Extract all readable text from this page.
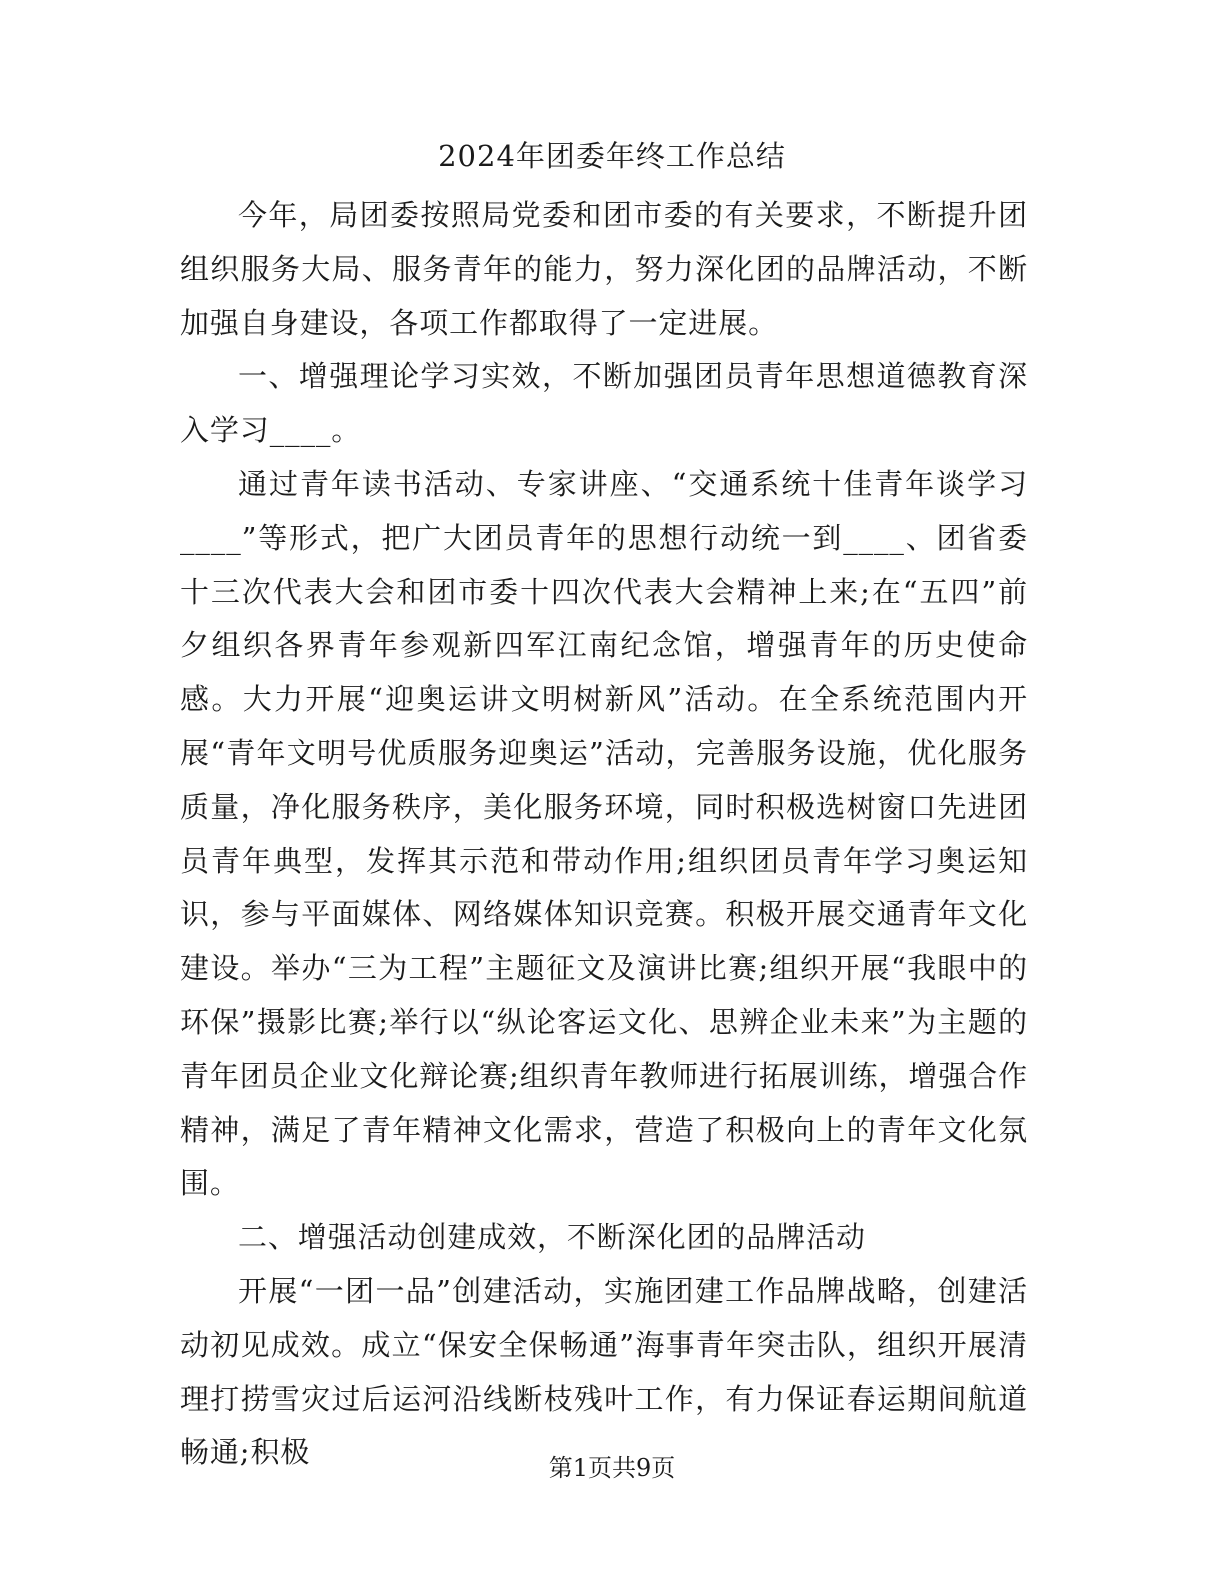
2024年团委年终工作总结

今年，局团委按照局党委和团市委的有关要求，不断提升团组织服务大局、服务青年的能力，努力深化团的品牌活动，不断加强自身建设，各项工作都取得了一定进展。

一、增强理论学习实效，不断加强团员青年思想道德教育深入学习____。

通过青年读书活动、专家讲座、“交通系统十佳青年谈学习____”等形式，把广大团员青年的思想行动统一到____、团省委十三次代表大会和团市委十四次代表大会精神上来;在“五四”前夕组织各界青年参观新四军江南纪念馆，增强青年的历史使命感。大力开展“迎奥运讲文明树新风”活动。在全系统范围内开展“青年文明号优质服务迎奥运”活动，完善服务设施，优化服务质量，净化服务秩序，美化服务环境，同时积极选树窗口先进团员青年典型，发挥其示范和带动作用;组织团员青年学习奥运知识，参与平面媒体、网络媒体知识竞赛。积极开展交通青年文化建设。举办“三为工程”主题征文及演讲比赛;组织开展“我眼中的环保”摄影比赛;举行以“纵论客运文化、思辨企业未来”为主题的青年团员企业文化辩论赛;组织青年教师进行拓展训练，增强合作精神，满足了青年精神文化需求，营造了积极向上的青年文化氛围。

二、增强活动创建成效，不断深化团的品牌活动

开展“一团一品”创建活动，实施团建工作品牌战略，创建活动初见成效。成立“保安全保畅通”海事青年突击队，组织开展清理打捞雪灾过后运河沿线断枝残叶工作，有力保证春运期间航道畅通;积极	第1页共9页
